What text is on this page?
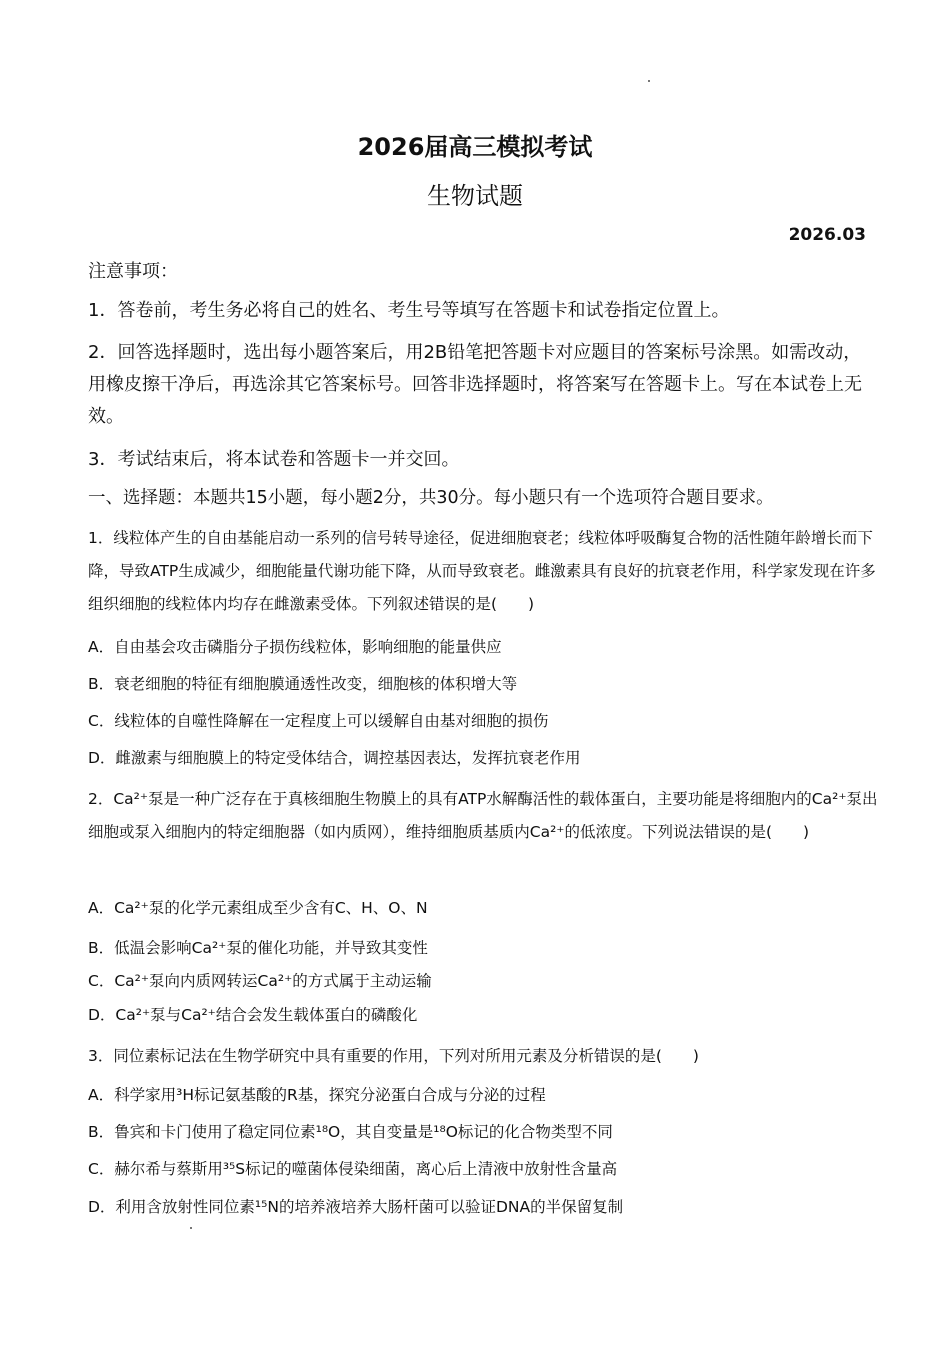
2026届高三模拟考试
生物试题
2026.03
注意事项：
1．答卷前，考生务必将自己的姓名、考生号等填写在答题卡和试卷指定位置上。
2．回答选择题时，选出每小题答案后，用2B铅笔把答题卡对应题目的答案标号涂黑。如需改动，用橡皮擦干净后，再选涂其它答案标号。回答非选择题时，将答案写在答题卡上。写在本试卷上无效。
3．考试结束后，将本试卷和答题卡一并交回。
一、选择题：本题共15小题，每小题2分，共30分。每小题只有一个选项符合题目要求。
1．线粒体产生的自由基能启动一系列的信号转导途径，促进细胞衰老；线粒体呼吸酶复合物的活性随年龄增长而下降，导致ATP生成减少，细胞能量代谢功能下降，从而导致衰老。雌激素具有良好的抗衰老作用，科学家发现在许多组织细胞的线粒体内均存在雌激素受体。下列叙述错误的是(　　)
A．自由基会攻击磷脂分子损伤线粒体，影响细胞的能量供应
B．衰老细胞的特征有细胞膜通透性改变，细胞核的体积增大等
C．线粒体的自噬性降解在一定程度上可以缓解自由基对细胞的损伤
D．雌激素与细胞膜上的特定受体结合，调控基因表达，发挥抗衰老作用
2．Ca²⁺泵是一种广泛存在于真核细胞生物膜上的具有ATP水解酶活性的载体蛋白，主要功能是将细胞内的Ca²⁺泵出细胞或泵入细胞内的特定细胞器（如内质网），维持细胞质基质内Ca²⁺的低浓度。下列说法错误的是(　　)
A．Ca²⁺泵的化学元素组成至少含有C、H、O、N
B．低温会影响Ca²⁺泵的催化功能，并导致其变性
C．Ca²⁺泵向内质网转运Ca²⁺的方式属于主动运输
D．Ca²⁺泵与Ca²⁺结合会发生载体蛋白的磷酸化
3．同位素标记法在生物学研究中具有重要的作用，下列对所用元素及分析错误的是(　　)
A．科学家用³H标记氨基酸的R基，探究分泌蛋白合成与分泌的过程
B．鲁宾和卡门使用了稳定同位素¹⁸O，其自变量是¹⁸O标记的化合物类型不同
C．赫尔希与蔡斯用³⁵S标记的噬菌体侵染细菌，离心后上清液中放射性含量高
D．利用含放射性同位素¹⁵N的培养液培养大肠杆菌可以验证DNA的半保留复制
